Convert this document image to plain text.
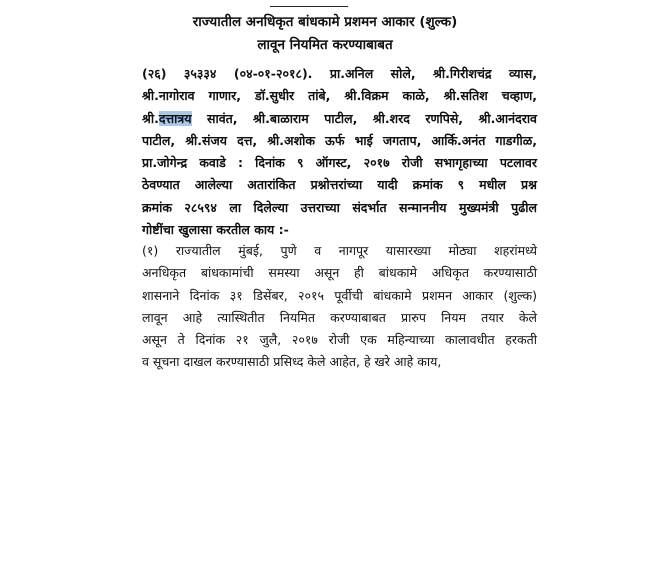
राज्यातील अनधिकृत बांधकामे प्रशमन आकार (शुल्क)
लावून नियमित करण्याबाबत
(२६) ३५३३४ (०४-०१-२०१८). प्रा.अनिल सोले, श्री.गिरीशचंद्र व्यास,
श्री.नागोराव गाणार, डॉ.सुधीर तांबे, श्री.विक्रम काळे, श्री.सतिश चव्हाण,
श्री.दत्तात्रय सावंत, श्री.बाळाराम पाटील, श्री.शरद रणपिसे, श्री.आनंदराव
पाटील, श्री.संजय दत्त, श्री.अशोक ऊर्फ भाई जगताप, आर्कि.अनंत गाडगीळ,
प्रा.जोगेन्द्र कवाडे : दिनांक ९ ऑगस्ट, २०१७ रोजी सभागृहाच्या पटलावर
ठेवण्यात आलेल्या अतारांकित प्रश्नोत्तरांच्या यादी क्रमांक ९ मधील प्रश्न
क्रमांक २८५९४ ला दिलेल्या उत्तराच्या संदर्भात सन्माननीय मुख्यमंत्री पुढील
गोष्टींचा खुलासा करतील काय :-
(१) राज्यातील मुंबई, पुणे व नागपूर यासारख्या मोठ्या शहरांमध्ये
अनधिकृत बांधकामांची समस्या असून ही बांधकामे अधिकृत करण्यासाठी
शासनाने दिनांक ३१ डिसेंबर, २०१५ पूर्वीची बांधकामे प्रशमन आकार (शुल्क)
लावून आहे त्यास्थितीत नियमित करण्याबाबत प्रारुप नियम तयार केले
असून ते दिनांक २१ जुलै, २०१७ रोजी एक महिन्याच्या कालावधीत हरकती
व सूचना दाखल करण्यासाठी प्रसिध्द केले आहेत, हे खरे आहे काय,
